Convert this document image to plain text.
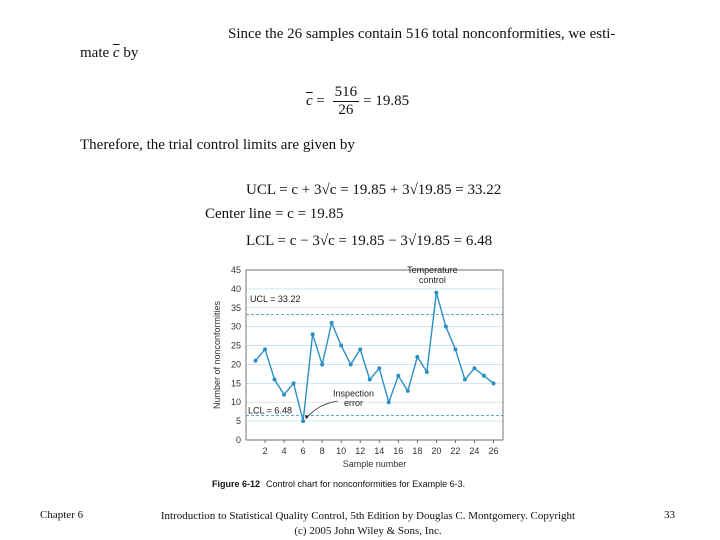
Since the 26 samples contain 516 total nonconformities, we esti-
mate $\overline{c}$ by
$\overline{c} = \frac{516}{26} = 19.85$
Therefore, the trial control limits are given by
UCL = c + 3√c = 19.85 + 3√19.85 = 33.22
Center line = c = 19.85
LCL = c − 3√c = 19.85 − 3√19.85 = 6.48
0
5
10
15
20
25
30
35
40
45
2 4 6 8 10 12 14 16 18 20 22 24 26
Sample number
Number of nonconformities
UCL = 33.22
LCL = 6.48
Temperature
control
Inspection
error
Figure 6-12 Control chart for nonconformities for Example 6-3.
Chapter 6	Introduction to Statistical Quality Control, 5th Edition by Douglas C. Montgomery. Copyright (c) 2005 John Wiley & Sons, Inc.
33
